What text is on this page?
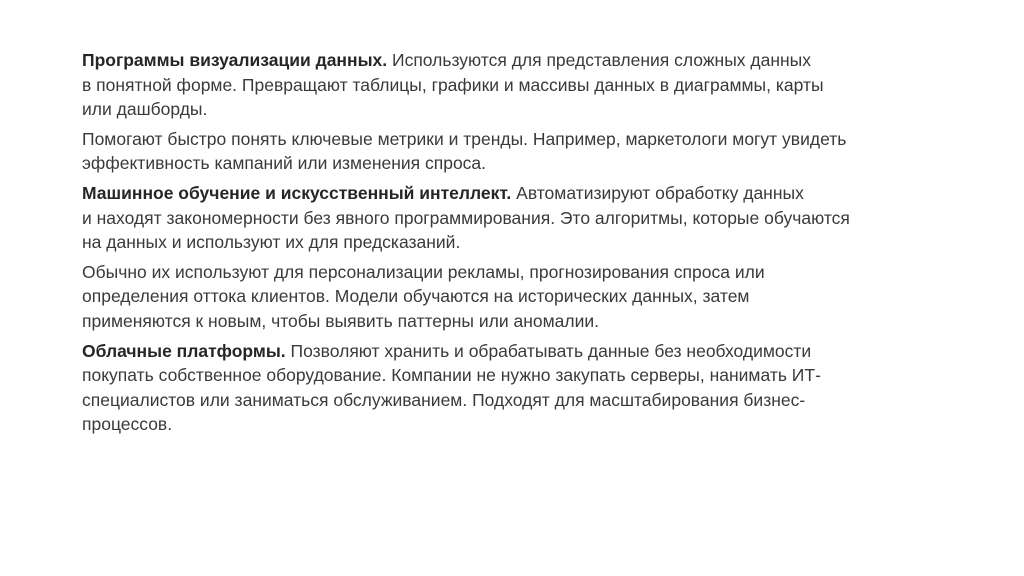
Программы визуализации данных. Используются для представления сложных данных
в понятной форме. Превращают таблицы, графики и массивы данных в диаграммы, карты
или дашборды.

Помогают быстро понять ключевые метрики и тренды. Например, маркетологи могут увидеть
эффективность кампаний или изменения спроса.

Машинное обучение и искусственный интеллект. Автоматизируют обработку данных
и находят закономерности без явного программирования. Это алгоритмы, которые обучаются
на данных и используют их для предсказаний.

Обычно их используют для персонализации рекламы, прогнозирования спроса или
определения оттока клиентов. Модели обучаются на исторических данных, затем
применяются к новым, чтобы выявить паттерны или аномалии.

Облачные платформы. Позволяют хранить и обрабатывать данные без необходимости
покупать собственное оборудование. Компании не нужно закупать серверы, нанимать ИТ-
специалистов или заниматься обслуживанием. Подходят для масштабирования бизнес-
процессов.
